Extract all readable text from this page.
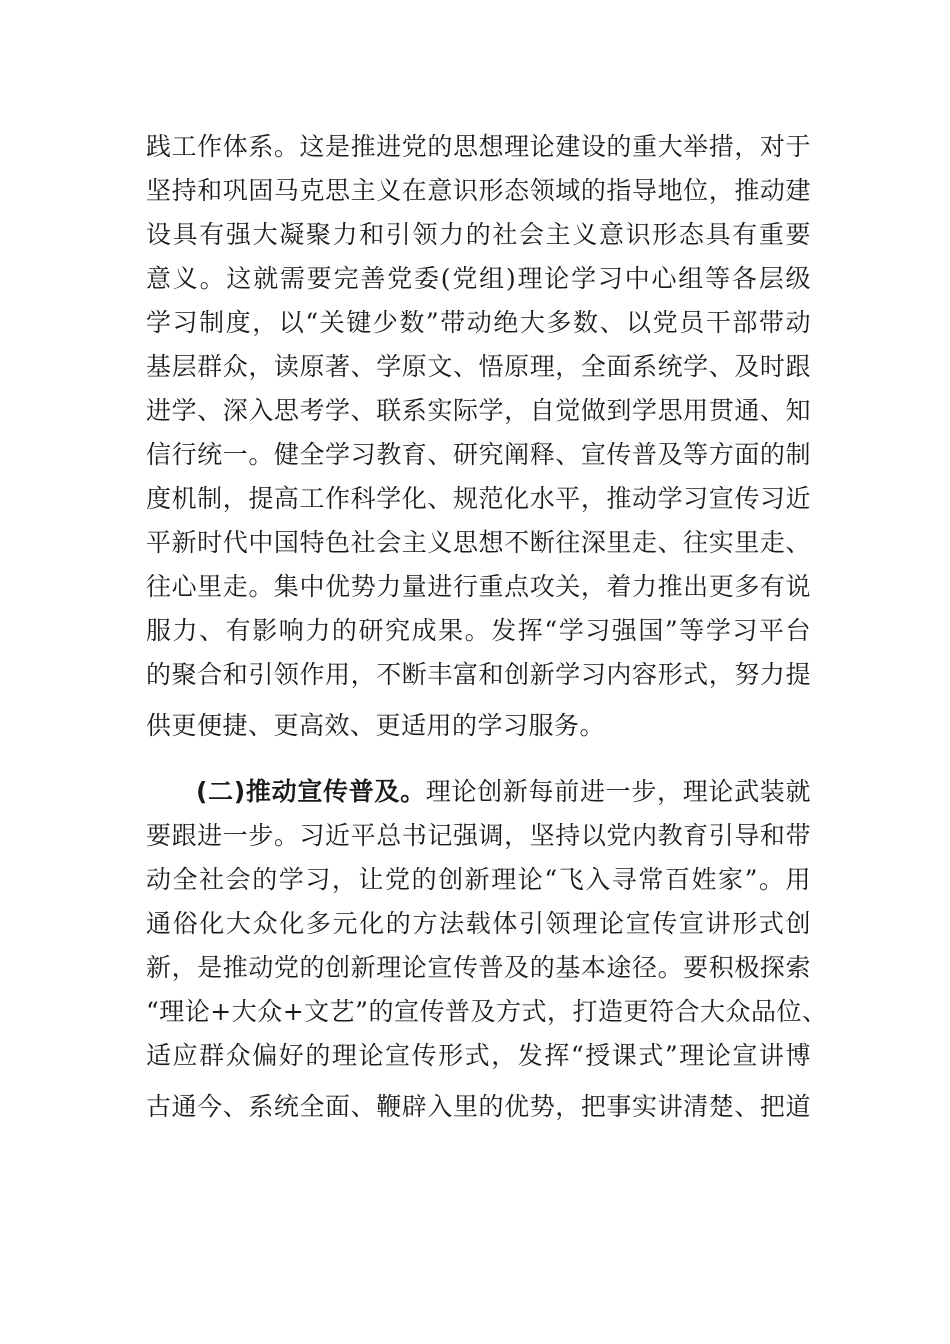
践工作体系。这是推进党的思想理论建设的重大举措，对于
坚持和巩固马克思主义在意识形态领域的指导地位，推动建
设具有强大凝聚力和引领力的社会主义意识形态具有重要
意义。这就需要完善党委(党组)理论学习中心组等各层级
学习制度，以“关键少数”带动绝大多数、以党员干部带动
基层群众，读原著、学原文、悟原理，全面系统学、及时跟
进学、深入思考学、联系实际学，自觉做到学思用贯通、知
信行统一。健全学习教育、研究阐释、宣传普及等方面的制
度机制，提高工作科学化、规范化水平，推动学习宣传习近
平新时代中国特色社会主义思想不断往深里走、往实里走、
往心里走。集中优势力量进行重点攻关，着力推出更多有说
服力、有影响力的研究成果。发挥“学习强国”等学习平台
的聚合和引领作用，不断丰富和创新学习内容形式，努力提
供更便捷、更高效、更适用的学习服务。
(二)推动宣传普及。理论创新每前进一步，理论武装就
要跟进一步。习近平总书记强调，坚持以党内教育引导和带
动全社会的学习，让党的创新理论“飞入寻常百姓家”。用
通俗化大众化多元化的方法载体引领理论宣传宣讲形式创
新，是推动党的创新理论宣传普及的基本途径。要积极探索
“理论+大众+文艺”的宣传普及方式，打造更符合大众品位、
适应群众偏好的理论宣传形式，发挥“授课式”理论宣讲博
古通今、系统全面、鞭辟入里的优势，把事实讲清楚、把道
